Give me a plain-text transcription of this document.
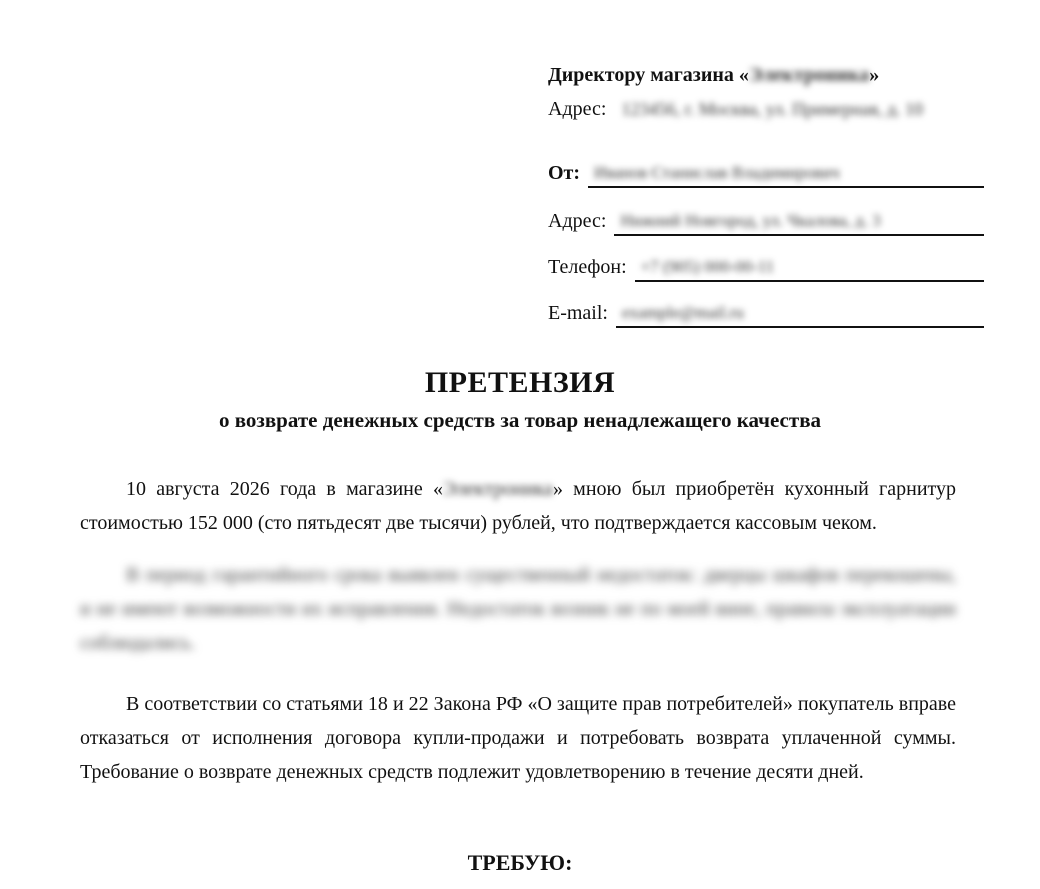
Директору магазина «Электроника»
Адрес: 123456, г. Москва, ул. Примерная, д. 10
От: Иванов Станислав Владимирович
Адрес: Нижний Новгород, ул. Чкалова, д. 3
Телефон: +7 (905) 000-00-11
E-mail: example@mail.ru
ПРЕТЕНЗИЯ
о возврате денежных средств за товар ненадлежащего качества
10 августа 2026 года в магазине «Электроника» мною был приобретён кухонный гарнитур стоимостью 152 000 (сто пятьдесят две тысячи) рублей, что подтверждается кассовым чеком.
В период гарантийного срока выявлен существенный недостаток: дверцы шкафов перекошены, и не имеют возможности их исправления. Недостаток возник не по моей вине, правила эксплуатации соблюдались.
В соответствии со статьями 18 и 22 Закона РФ «О защите прав потребителей» покупатель вправе отказаться от исполнения договора купли-продажи и потребовать возврата уплаченной суммы. Требование о возврате денежных средств подлежит удовлетворению в течение десяти дней.
ТРЕБУЮ:
